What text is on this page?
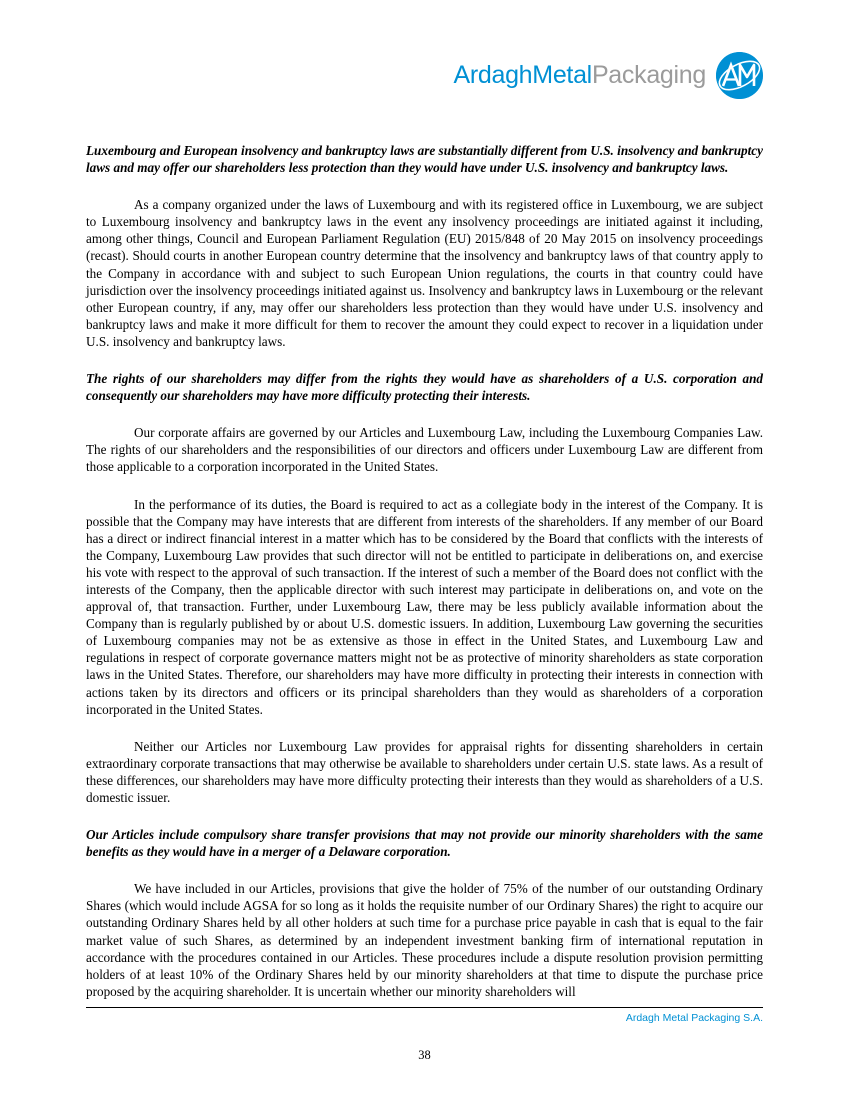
ArdaghMetalPackaging

Luxembourg and European insolvency and bankruptcy laws are substantially different from U.S. insolvency and bankruptcy laws and may offer our shareholders less protection than they would have under U.S. insolvency and bankruptcy laws.

As a company organized under the laws of Luxembourg and with its registered office in Luxembourg, we are subject to Luxembourg insolvency and bankruptcy laws in the event any insolvency proceedings are initiated against it including, among other things, Council and European Parliament Regulation (EU) 2015/848 of 20 May 2015 on insolvency proceedings (recast). Should courts in another European country determine that the insolvency and bankruptcy laws of that country apply to the Company in accordance with and subject to such European Union regulations, the courts in that country could have jurisdiction over the insolvency proceedings initiated against us. Insolvency and bankruptcy laws in Luxembourg or the relevant other European country, if any, may offer our shareholders less protection than they would have under U.S. insolvency and bankruptcy laws and make it more difficult for them to recover the amount they could expect to recover in a liquidation under U.S. insolvency and bankruptcy laws.

The rights of our shareholders may differ from the rights they would have as shareholders of a U.S. corporation and consequently our shareholders may have more difficulty protecting their interests.

Our corporate affairs are governed by our Articles and Luxembourg Law, including the Luxembourg Companies Law. The rights of our shareholders and the responsibilities of our directors and officers under Luxembourg Law are different from those applicable to a corporation incorporated in the United States.

In the performance of its duties, the Board is required to act as a collegiate body in the interest of the Company. It is possible that the Company may have interests that are different from interests of the shareholders. If any member of our Board has a direct or indirect financial interest in a matter which has to be considered by the Board that conflicts with the interests of the Company, Luxembourg Law provides that such director will not be entitled to participate in deliberations on, and exercise his vote with respect to the approval of such transaction. If the interest of such a member of the Board does not conflict with the interests of the Company, then the applicable director with such interest may participate in deliberations on, and vote on the approval of, that transaction. Further, under Luxembourg Law, there may be less publicly available information about the Company than is regularly published by or about U.S. domestic issuers. In addition, Luxembourg Law governing the securities of Luxembourg companies may not be as extensive as those in effect in the United States, and Luxembourg Law and regulations in respect of corporate governance matters might not be as protective of minority shareholders as state corporation laws in the United States. Therefore, our shareholders may have more difficulty in protecting their interests in connection with actions taken by its directors and officers or its principal shareholders than they would as shareholders of a corporation incorporated in the United States.

Neither our Articles nor Luxembourg Law provides for appraisal rights for dissenting shareholders in certain extraordinary corporate transactions that may otherwise be available to shareholders under certain U.S. state laws. As a result of these differences, our shareholders may have more difficulty protecting their interests than they would as shareholders of a U.S. domestic issuer.

Our Articles include compulsory share transfer provisions that may not provide our minority shareholders with the same benefits as they would have in a merger of a Delaware corporation.

We have included in our Articles, provisions that give the holder of 75% of the number of our outstanding Ordinary Shares (which would include AGSA for so long as it holds the requisite number of our Ordinary Shares) the right to acquire our outstanding Ordinary Shares held by all other holders at such time for a purchase price payable in cash that is equal to the fair market value of such Shares, as determined by an independent investment banking firm of international reputation in accordance with the procedures contained in our Articles. These procedures include a dispute resolution provision permitting holders of at least 10% of the Ordinary Shares held by our minority shareholders at that time to dispute the purchase price proposed by the acquiring shareholder. It is uncertain whether our minority shareholders will

Ardagh Metal Packaging S.A.
38
